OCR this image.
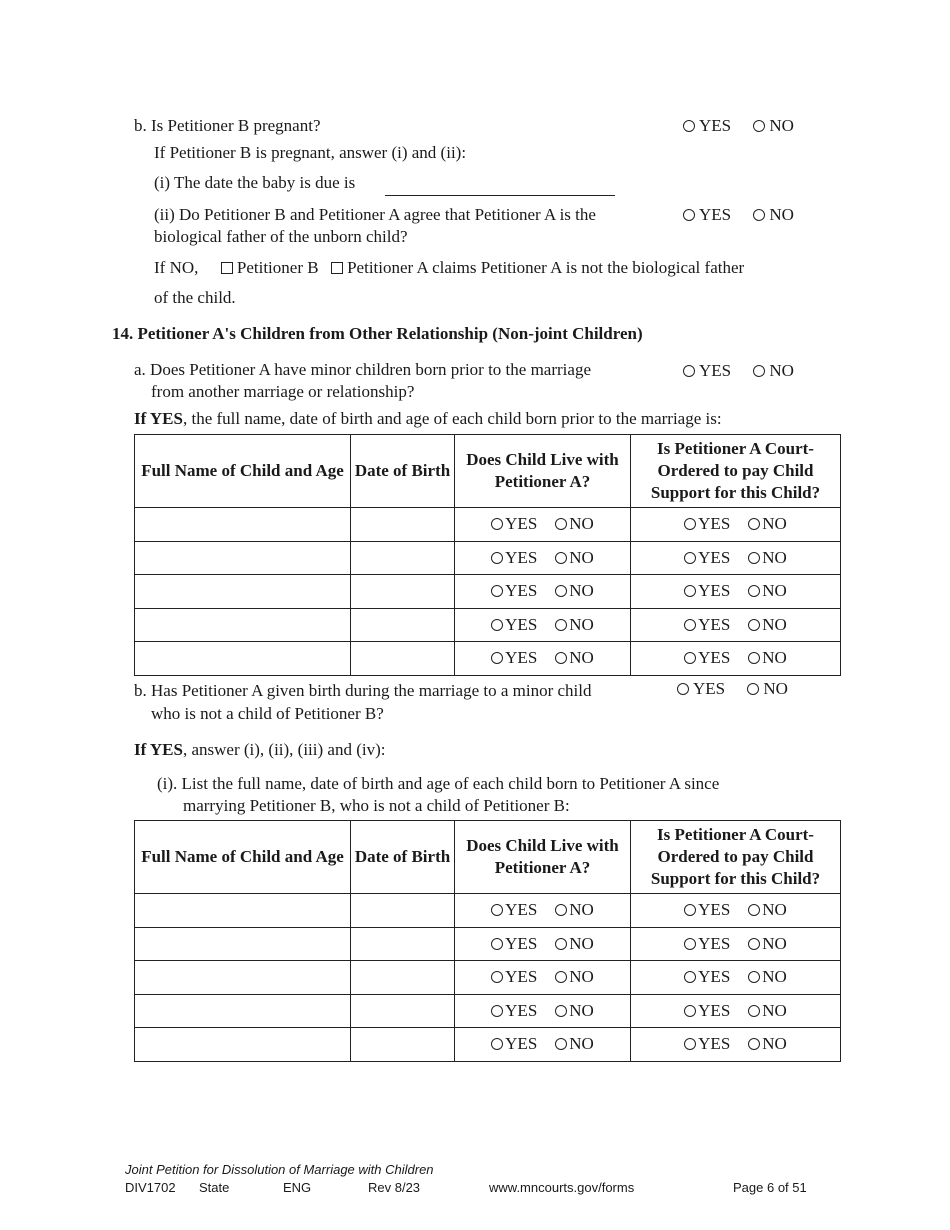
b. Is Petitioner B pregnant?	YES
NO
If Petitioner B is pregnant, answer (i) and (ii):
(i) The date the baby is due is
(ii) Do Petitioner B and Petitioner A agree that Petitioner A is the
biological father of the unborn child?
YES
NO
If NO, Petitioner B Petitioner A claims Petitioner A is not the biological father
of the child.
14. Petitioner A's Children from Other Relationship (Non-joint Children)
a. Does Petitioner A have minor children born prior to the marriage
from another marriage or relationship?
YES
NO
If YES, the full name, date of birth and age of each child born prior to the marriage is:
Full Name of Child and Age	Date of Birth	Does Child Live with Petitioner A?	Is Petitioner A Court-Ordered to pay Child Support for this Child?

		YES NO	YES NO

		YES NO	YES NO

		YES NO	YES NO

		YES NO	YES NO

		YES NO	YES NO
b. Has Petitioner A given birth during the marriage to a minor child
who is not a child of Petitioner B?
YES
NO
If YES, answer (i), (ii), (iii) and (iv):
(i). List the full name, date of birth and age of each child born to Petitioner A since
marrying Petitioner B, who is not a child of Petitioner B:
Full Name of Child and Age	Date of Birth	Does Child Live with Petitioner A?	Is Petitioner A Court-Ordered to pay Child Support for this Child?

		YES NO	YES NO

		YES NO	YES NO

		YES NO	YES NO

		YES NO	YES NO

		YES NO	YES NO
Joint Petition for Dissolution of Marriage with Children
DIV1702 State	ENG	Rev 8/23	www.mncourts.gov/forms	Page 6 of 51
